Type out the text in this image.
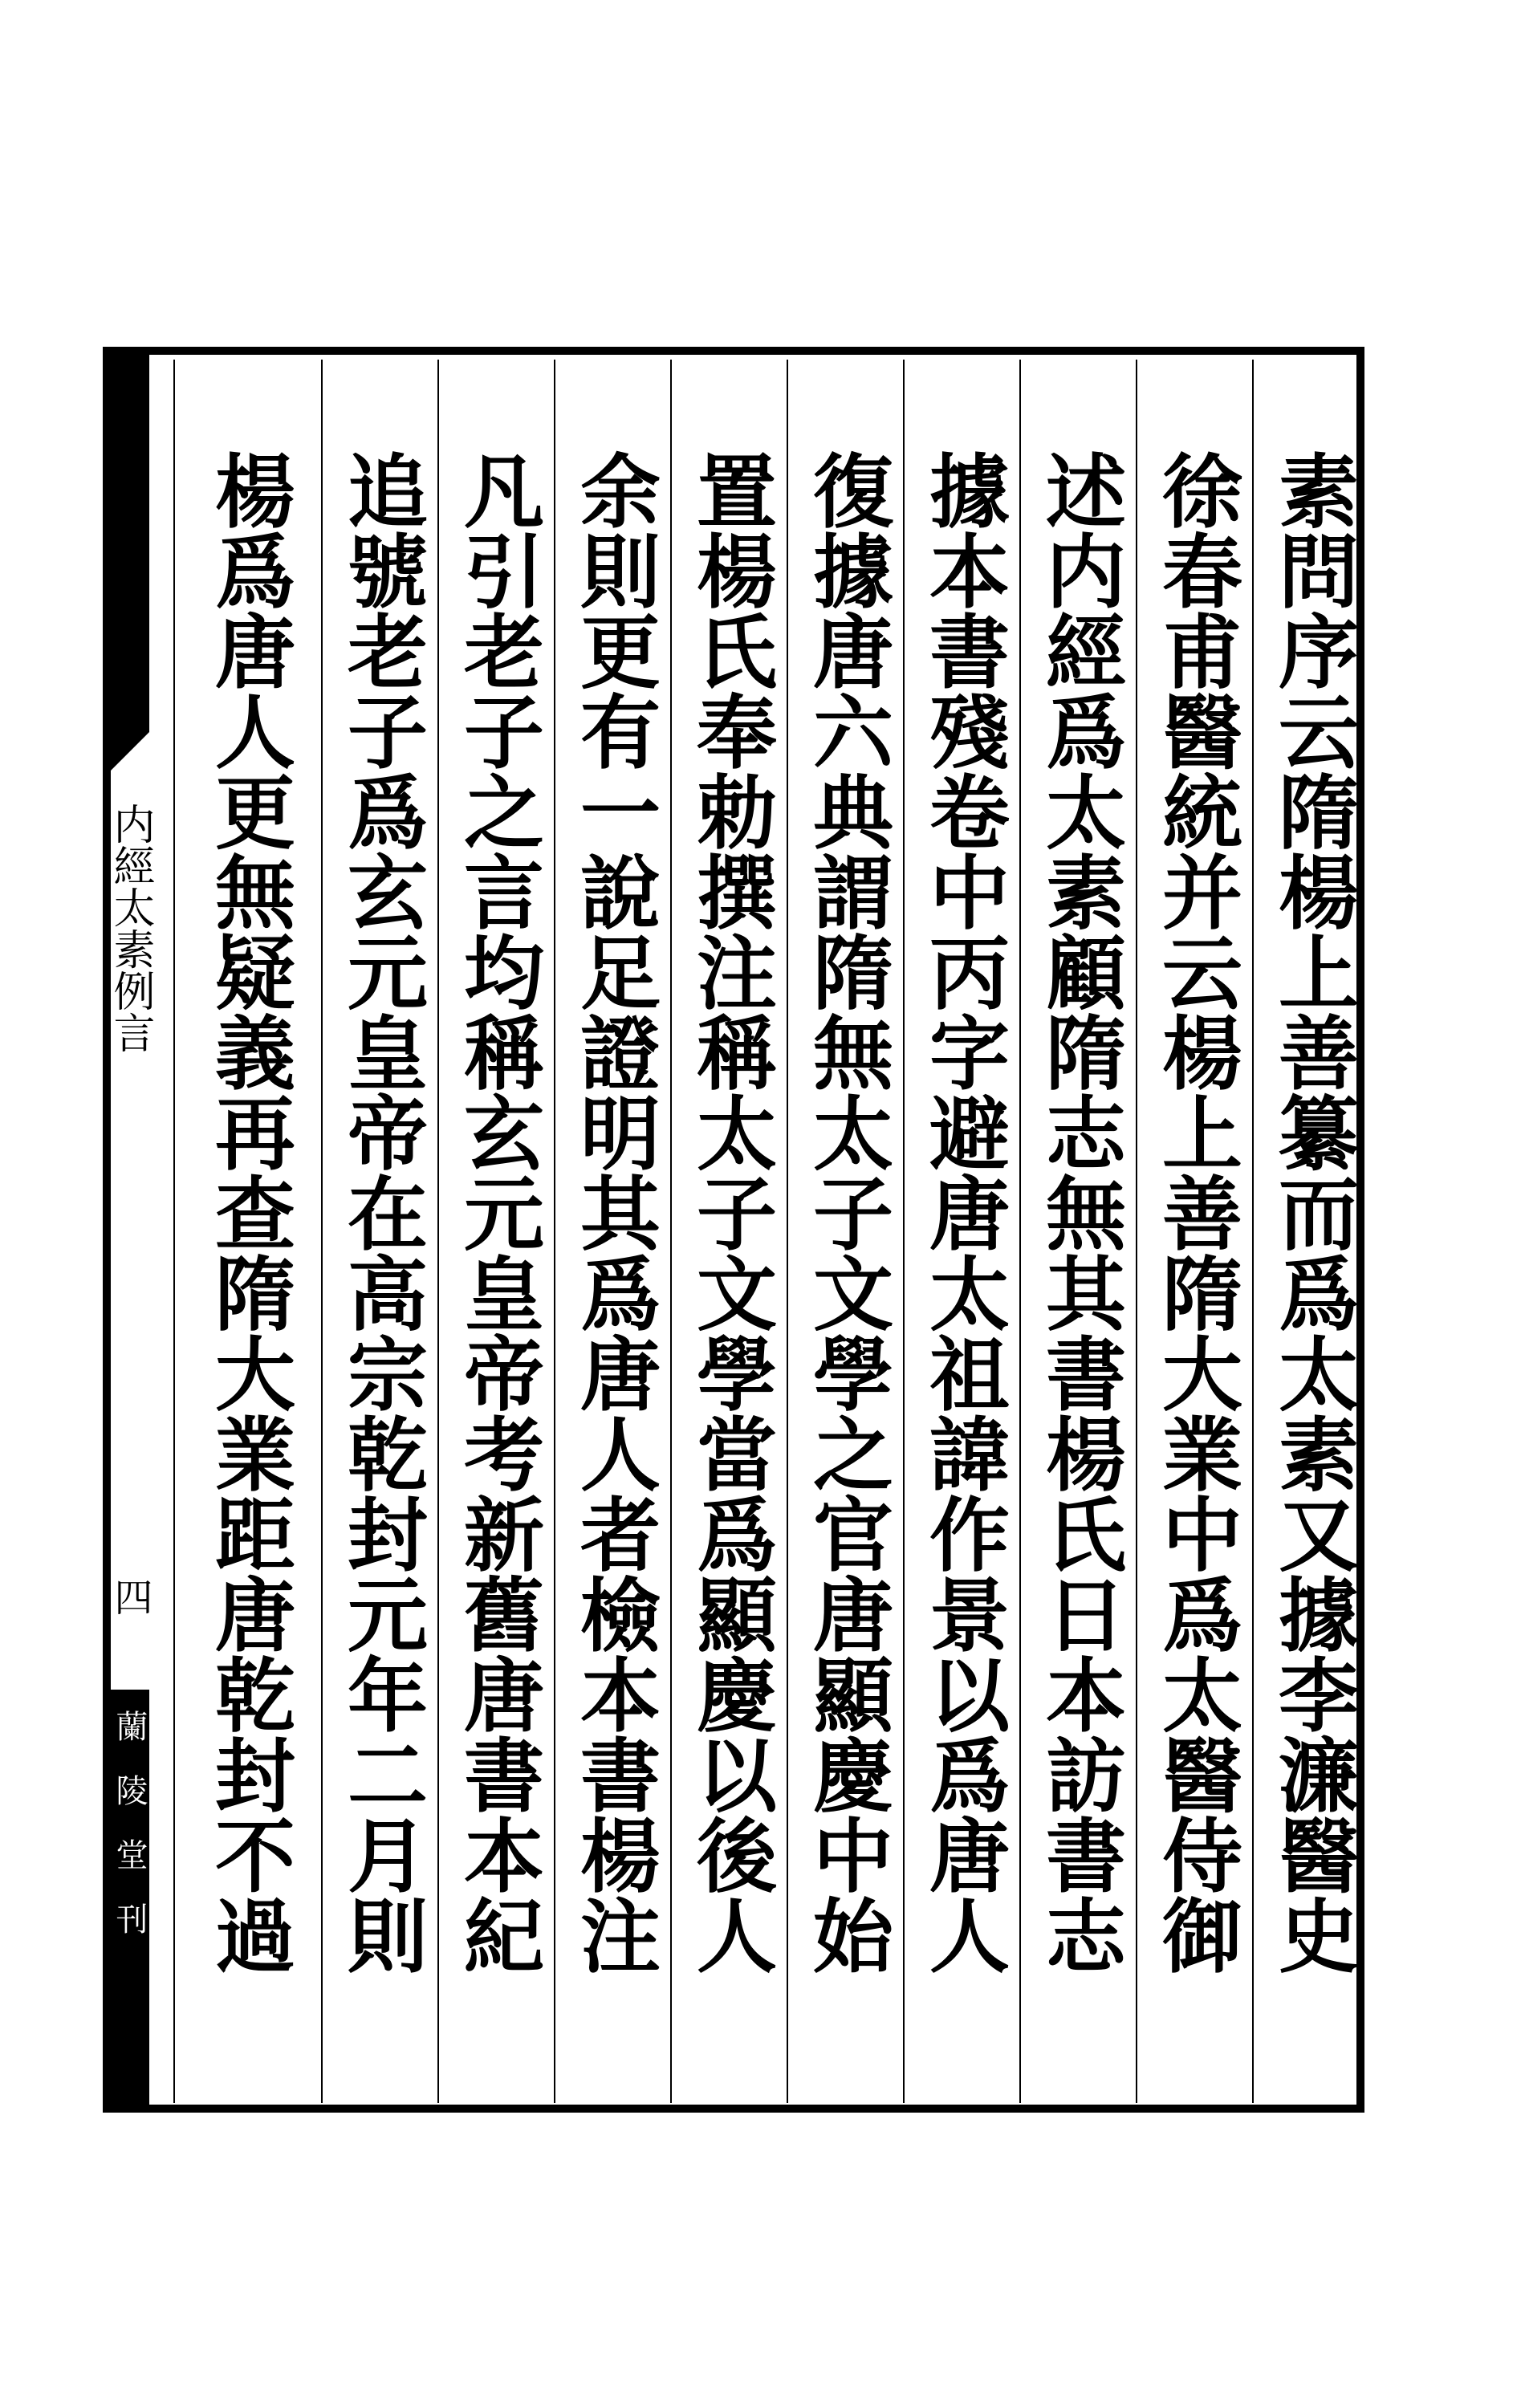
素問序云隋楊上善纂而爲太素又據李濂醫史
徐春甫醫統并云楊上善隋大業中爲太醫侍御
述内經爲太素顧隋志無其書楊氏日本訪書志
據本書殘卷中丙字避唐太祖諱作景以爲唐人
復據唐六典謂隋無太子文學之官唐顯慶中始
置楊氏奉勅撰注稱太子文學當爲顯慶以後人
余則更有一說足證明其爲唐人者檢本書楊注
凡引老子之言均稱玄元皇帝考新舊唐書本紀
追號老子爲玄元皇帝在高宗乾封元年二月則
楊爲唐人更無疑義再查隋大業距唐乾封不過
内經太素例言
四
蘭陵堂刊
